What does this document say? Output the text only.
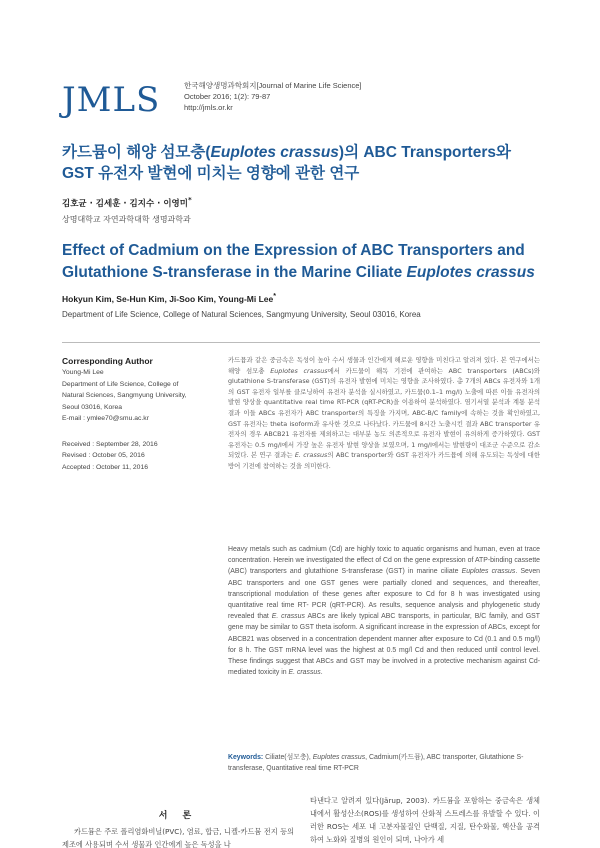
JMLS	한국해양생명과학회지[Journal of Marine Life Science]
October 2016; 1(2): 79-87
http://jmls.or.kr
카드뮴이 해양 섬모충(Euplotes crassus)의 ABC Transporters와 GST 유전자 발현에 미치는 영향에 관한 연구
김호균 · 김세훈 · 김지수 · 이영미*
상명대학교 자연과학대학 생명과학과
Effect of Cadmium on the Expression of ABC Transporters and Glutathione S-transferase in the Marine Ciliate Euplotes crassus
Hokyun Kim, Se-Hun Kim, Ji-Soo Kim, Young-Mi Lee*
Department of Life Science, College of Natural Sciences, Sangmyung University, Seoul 03016, Korea
Corresponding Author
Young-Mi Lee
Department of Life Science, College of
Natural Sciences, Sangmyung University,
Seoul 03016, Korea
E-mail : ymlee70@smu.ac.kr
Received : September 28, 2016
Revised : October 05, 2016
Accepted : October 11, 2016
카드뮴과 같은 중금속은 독성이 높아 수서 생물과 인간에게 해로운 영향을 미친다고 알려져 있다. 본 연구에서는 해양 섬모충 Euplotes crassus에서 카드뮴이 해독 기전에 관여하는 ABC transporters (ABCs)와 glutathione S-transferase (GST)의 유전자 발현에 미치는 영향을 조사하였다. 총 7개의 ABCs 유전자와 1개의 GST 유전자 일부를 클로닝하여 유전자 분석을 실시하였고, 카드뮴(0.1–1 mg/l) 노출에 따른 이들 유전자의 발현 양상을 quantitative real time RT-PCR (qRT-PCR)을 이용하여 분석하였다. 염기서열 분석과 계통 분석 결과 이들 ABCs 유전자가 ABC transporter의 특징을 가지며, ABC-B/C family에 속하는 것을 확인하였고, GST 유전자는 theta isoform과 유사한 것으로 나타났다. 카드뮴에 8시간 노출시킨 결과 ABC transporter 유전자의 경우 ABCB21 유전자를 제외하고는 대부분 농도 의존적으로 유전자 발현이 유의하게 증가하였다. GST 유전자는 0.5 mg/l에서 가장 높은 유전자 발현 양상을 보였으며, 1 mg/l에서는 발현량이 대조군 수준으로 감소되었다. 본 연구 결과는 E. crassus의 ABC transporter와 GST 유전자가 카드뮴에 의해 유도되는 독성에 대한 방어 기전에 참여하는 것을 의미한다.
Heavy metals such as cadmium (Cd) are highly toxic to aquatic organisms and human, even at trace concentration. Herein we investigated the effect of Cd on the gene expression of ATP-binding cassette (ABC) transporters and glutathione S-transferase (GST) in marine ciliate Euplotes crassus. Seven ABC transporters and one GST genes were partially cloned and sequences, and thereafter, transcriptional modulation of these genes after exposure to Cd for 8 h was investigated using quantitative real time RT- PCR (qRT-PCR). As results, sequence analysis and phylogenetic study revealed that E. crassus ABCs are likely typical ABC transports, in particular, B/C family, and GST gene may be similar to GST theta isoform. A significant increase in the expression of ABCs, except for ABCB21 was observed in a concentration dependent manner after exposure to Cd (0.1 and 0.5 mg/l) for 8 h. The GST mRNA level was the highest at 0.5 mg/l Cd and then reduced until control level. These findings suggest that ABCs and GST may be involved in a protective mechanism against Cd-mediated toxicity in E. crassus.
Keywords: Ciliate(섬모충), Euplotes crassus, Cadmium(카드뮴), ABC transporter, Glutathione S-transferase, Quantitative real time RT-PCR
서 론
카드뮴은 주로 폴리염화비닐(PVC), 염료, 합금, 니켈-카드뮴 전지 등의 제조에 사용되며 수서 생물과 인간에게 높은 독성을 나
타낸다고 알려져 있다(Järup, 2003). 카드뮴을 포함하는 중금속은 생체 내에서 활성산소(ROS)를 생성하여 산화적 스트레스를 유발할 수 있다. 이러한 ROS는 세포 내 고분자물질인 단백질, 지질, 탄수화물, 핵산을 공격하여 노화와 질병의 원인이 되며, 나아가 세
